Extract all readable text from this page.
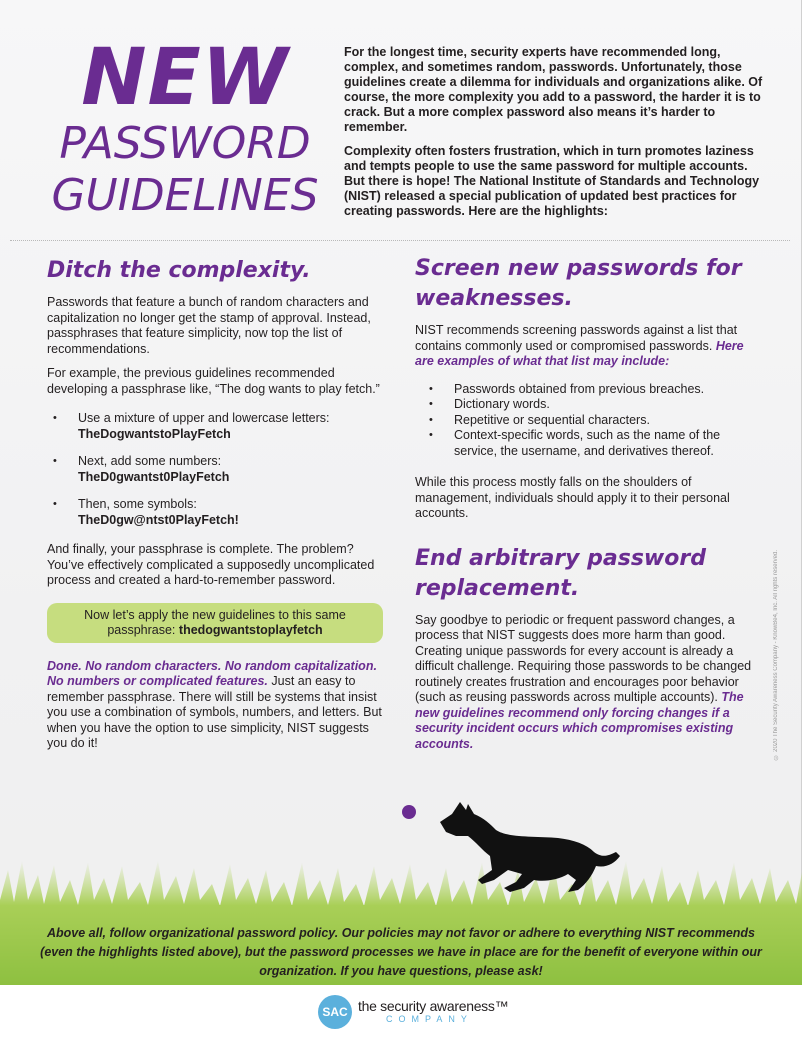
NEW
PASSWORD
GUIDELINES

For the longest time, security experts have recommended long, complex, and sometimes random, passwords. Unfortunately, those guidelines create a dilemma for individuals and organizations alike. Of course, the more complexity you add to a password, the harder it is to crack. But a more complex password also means it’s harder to remember.

Complexity often fosters frustration, which in turn promotes laziness and tempts people to use the same password for multiple accounts. But there is hope! The National Institute of Standards and Technology (NIST) released a special publication of updated best practices for creating passwords. Here are the highlights:

Ditch the complexity.

Passwords that feature a bunch of random characters and capitalization no longer get the stamp of approval. Instead, passphrases that feature simplicity, now top the list of recommendations.

For example, the previous guidelines recommended developing a passphrase like, “The dog wants to play fetch.”

• Use a mixture of upper and lowercase letters:
TheDogwantstoPlayFetch
• Next, add some numbers:
TheD0gwantst0PlayFetch
• Then, some symbols:
TheD0gw@ntst0PlayFetch!

And finally, your passphrase is complete. The problem? You’ve effectively complicated a supposedly uncomplicated process and created a hard-to-remember password.

Now let’s apply the new guidelines to this same passphrase: thedogwantstoplayfetch

Done. No random characters. No random capitalization. No numbers or complicated features. Just an easy to remember passphrase. There will still be systems that insist you use a combination of symbols, numbers, and letters. But when you have the option to use simplicity, NIST suggests you do it!

Screen new passwords for weaknesses.

NIST recommends screening passwords against a list that contains commonly used or compromised passwords. Here are examples of what that list may include:

• Passwords obtained from previous breaches.
• Dictionary words.
• Repetitive or sequential characters.
• Context-specific words, such as the name of the service, the username, and derivatives thereof.

While this process mostly falls on the shoulders of management, individuals should apply it to their personal accounts.

End arbitrary password replacement.

Say goodbye to periodic or frequent password changes, a process that NIST suggests does more harm than good. Creating unique passwords for every account is already a difficult challenge. Requiring those passwords to be changed routinely creates frustration and encourages poor behavior (such as reusing passwords across multiple accounts). The new guidelines recommend only forcing changes if a security incident occurs which compromises existing accounts.	© 2020 The Security Awareness Company - KnowBe4, Inc. All rights reserved.
Above all, follow organizational password policy. Our policies may not favor or adhere to everything NIST recommends (even the highlights listed above), but the password processes we have in place are for the benefit of everyone within our organization. If you have questions, please ask!
SAC the security awareness™
COMPANY
